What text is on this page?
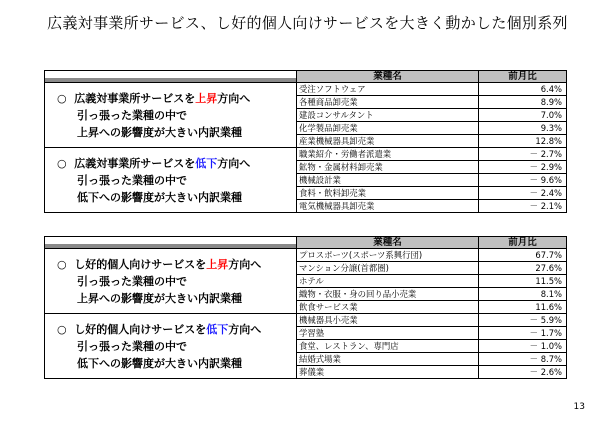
広義対事業所サービス、し好的個人向けサービスを大きく動かした個別系列
	業種名	前月比

○ 広義対事業所サービスを上昇方向へ
引っ張った業種の中で
上昇への影響度が大きい内訳業種	受注ソフトウェア	6.4%
	各種商品卸売業	8.9%
	建設コンサルタント	7.0%
	化学製品卸売業	9.3%
	産業機械器具卸売業	12.8%

○ 広義対事業所サービスを低下方向へ
引っ張った業種の中で
低下への影響度が大きい内訳業種	職業紹介・労働者派遣業	－ 2.7%
	鉱物・金属材料卸売業	－ 2.9%
	機械設計業	－ 9.6%
	食料・飲料卸売業	－ 2.4%
	電気機械器具卸売業	－ 2.1%
	業種名	前月比

○ し好的個人向けサービスを上昇方向へ
引っ張った業種の中で
上昇への影響度が大きい内訳業種	プロスポーツ(スポーツ系興行団)	67.7%
	マンション分譲(首都圏)	27.6%
	ホテル	11.5%
	織物・衣服・身の回り品小売業	8.1%
	飲食サービス業	11.6%

○ し好的個人向けサービスを低下方向へ
引っ張った業種の中で
低下への影響度が大きい内訳業種	機械器具小売業	－ 5.9%
	学習塾	－ 1.7%
	食堂、レストラン、専門店	－ 1.0%
	結婚式場業	－ 8.7%
	葬儀業	－ 2.6%
13
